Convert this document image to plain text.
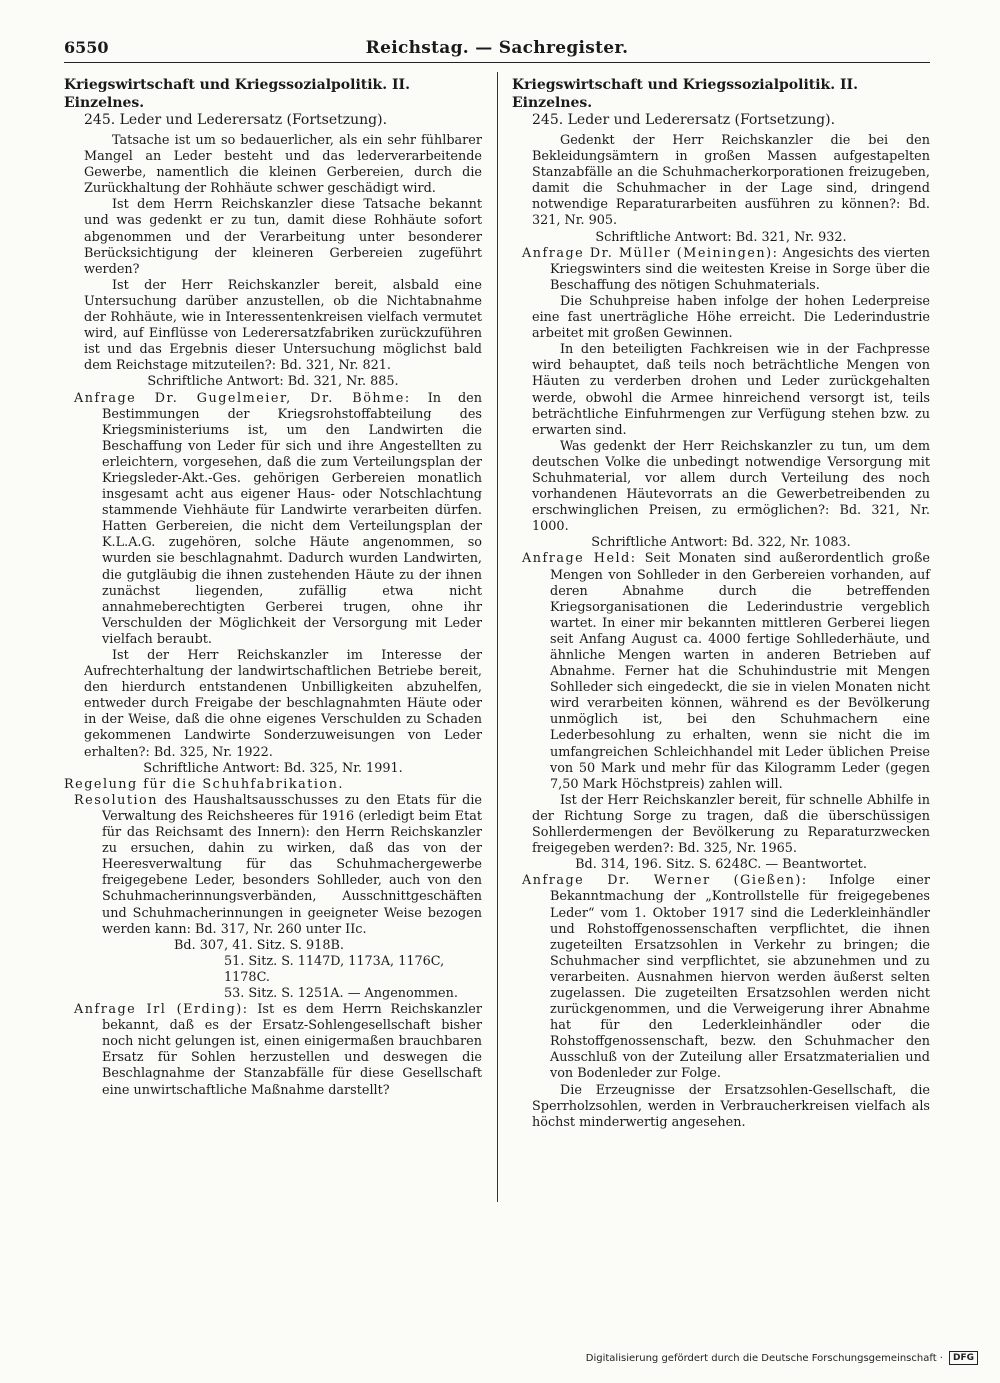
6550	Reichstag. — Sachregister.

Kriegswirtschaft und Kriegssozialpolitik. II. Einzelnes.

245. Leder und Lederersatz (Fortsetzung).

Tatsache ist um so bedauerlicher, als ein sehr fühlbarer Mangel an Leder besteht und das lederverarbeitende Gewerbe, namentlich die kleinen Gerbereien, durch die Zurückhaltung der Rohhäute schwer geschädigt wird.

Ist dem Herrn Reichskanzler diese Tatsache bekannt und was gedenkt er zu tun, damit diese Rohhäute sofort abgenommen und der Verarbeitung unter besonderer Berücksichtigung der kleineren Gerbereien zugeführt werden?

Ist der Herr Reichskanzler bereit, alsbald eine Untersuchung darüber anzustellen, ob die Nichtabnahme der Rohhäute, wie in Interessentenkreisen vielfach vermutet wird, auf Einflüsse von Lederersatzfabriken zurückzuführen ist und das Ergebnis dieser Untersuchung möglichst bald dem Reichstage mitzuteilen?: Bd. 321, Nr. 821.

Schriftliche Antwort: Bd. 321, Nr. 885.

Anfrage Dr. Gugelmeier, Dr. Böhme: In den Bestimmungen der Kriegsrohstoffabteilung des Kriegsministeriums ist, um den Landwirten die Beschaffung von Leder für sich und ihre Angestellten zu erleichtern, vorgesehen, daß die zum Verteilungsplan der Kriegsleder-Akt.-Ges. gehörigen Gerbereien monatlich insgesamt acht aus eigener Haus- oder Notschlachtung stammende Viehhäute für Landwirte verarbeiten dürfen. Hatten Gerbereien, die nicht dem Verteilungsplan der K.L.A.G. zugehören, solche Häute angenommen, so wurden sie beschlagnahmt. Dadurch wurden Landwirten, die gutgläubig die ihnen zustehenden Häute zu der ihnen zunächst liegenden, zufällig etwa nicht annahmeberechtigten Gerberei trugen, ohne ihr Verschulden der Möglichkeit der Versorgung mit Leder vielfach beraubt.

Ist der Herr Reichskanzler im Interesse der Aufrechterhaltung der landwirtschaftlichen Betriebe bereit, den hierdurch entstandenen Unbilligkeiten abzuhelfen, entweder durch Freigabe der beschlagnahmten Häute oder in der Weise, daß die ohne eigenes Verschulden zu Schaden gekommenen Landwirte Sonderzuweisungen von Leder erhalten?: Bd. 325, Nr. 1922.

Schriftliche Antwort: Bd. 325, Nr. 1991.

Regelung für die Schuhfabrikation.

Resolution des Haushaltsausschusses zu den Etats für die Verwaltung des Reichsheeres für 1916 (erledigt beim Etat für das Reichsamt des Innern): den Herrn Reichskanzler zu ersuchen, dahin zu wirken, daß das von der Heeresverwaltung für das Schuhmachergewerbe freigegebene Leder, besonders Sohlleder, auch von den Schuhmacherinnungsverbänden, Ausschnittgeschäften und Schuhmacherinnungen in geeigneter Weise bezogen werden kann: Bd. 317, Nr. 260 unter IIc.

Bd. 307, 41. Sitz. S. 918B.

51. Sitz. S. 1147D, 1173A, 1176C, 1178C.

53. Sitz. S. 1251A. — Angenommen.

Anfrage Irl (Erding): Ist es dem Herrn Reichskanzler bekannt, daß es der Ersatz-Sohlengesellschaft bisher noch nicht gelungen ist, einen einigermaßen brauchbaren Ersatz für Sohlen herzustellen und deswegen die Beschlagnahme der Stanzabfälle für diese Gesellschaft eine unwirtschaftliche Maßnahme darstellt?

Kriegswirtschaft und Kriegssozialpolitik. II. Einzelnes.

245. Leder und Lederersatz (Fortsetzung).

Gedenkt der Herr Reichskanzler die bei den Bekleidungsämtern in großen Massen aufgestapelten Stanzabfälle an die Schuhmacherkorporationen freizugeben, damit die Schuhmacher in der Lage sind, dringend notwendige Reparaturarbeiten ausführen zu können?: Bd. 321, Nr. 905.

Schriftliche Antwort: Bd. 321, Nr. 932.

Anfrage Dr. Müller (Meiningen): Angesichts des vierten Kriegswinters sind die weitesten Kreise in Sorge über die Beschaffung des nötigen Schuhmaterials.

Die Schuhpreise haben infolge der hohen Lederpreise eine fast unerträgliche Höhe erreicht. Die Lederindustrie arbeitet mit großen Gewinnen.

In den beteiligten Fachkreisen wie in der Fachpresse wird behauptet, daß teils noch beträchtliche Mengen von Häuten zu verderben drohen und Leder zurückgehalten werde, obwohl die Armee hinreichend versorgt ist, teils beträchtliche Einfuhrmengen zur Verfügung stehen bzw. zu erwarten sind.

Was gedenkt der Herr Reichskanzler zu tun, um dem deutschen Volke die unbedingt notwendige Versorgung mit Schuhmaterial, vor allem durch Verteilung des noch vorhandenen Häutevorrats an die Gewerbetreibenden zu erschwinglichen Preisen, zu ermöglichen?: Bd. 321, Nr. 1000.

Schriftliche Antwort: Bd. 322, Nr. 1083.

Anfrage Held: Seit Monaten sind außerordentlich große Mengen von Sohlleder in den Gerbereien vorhanden, auf deren Abnahme durch die betreffenden Kriegsorganisationen die Lederindustrie vergeblich wartet. In einer mir bekannten mittleren Gerberei liegen seit Anfang August ca. 4000 fertige Sohllederhäute, und ähnliche Mengen warten in anderen Betrieben auf Abnahme. Ferner hat die Schuhindustrie mit Mengen Sohlleder sich eingedeckt, die sie in vielen Monaten nicht wird verarbeiten können, während es der Bevölkerung unmöglich ist, bei den Schuhmachern eine Lederbesohlung zu erhalten, wenn sie nicht die im umfangreichen Schleichhandel mit Leder üblichen Preise von 50 Mark und mehr für das Kilogramm Leder (gegen 7,50 Mark Höchstpreis) zahlen will.

Ist der Herr Reichskanzler bereit, für schnelle Abhilfe in der Richtung Sorge zu tragen, daß die überschüssigen Sohllerdermengen der Bevölkerung zu Reparaturzwecken freigegeben werden?: Bd. 325, Nr. 1965.

Bd. 314, 196. Sitz. S. 6248C. — Beantwortet.

Anfrage Dr. Werner (Gießen): Infolge einer Bekanntmachung der „Kontrollstelle für freigegebenes Leder“ vom 1. Oktober 1917 sind die Lederkleinhändler und Rohstoffgenossenschaften verpflichtet, die ihnen zugeteilten Ersatzsohlen in Verkehr zu bringen; die Schuhmacher sind verpflichtet, sie abzunehmen und zu verarbeiten. Ausnahmen hiervon werden äußerst selten zugelassen. Die zugeteilten Ersatzsohlen werden nicht zurückgenommen, und die Verweigerung ihrer Abnahme hat für den Lederkleinhändler oder die Rohstoffgenossenschaft, bezw. den Schuhmacher den Ausschluß von der Zuteilung aller Ersatzmaterialien und von Bodenleder zur Folge.

Die Erzeugnisse der Ersatzsohlen-Gesellschaft, die Sperrholzsohlen, werden in Verbraucherkreisen vielfach als höchst minderwertig angesehen.

Digitalisierung gefördert durch die Deutsche Forschungsgemeinschaft ·	DFG
